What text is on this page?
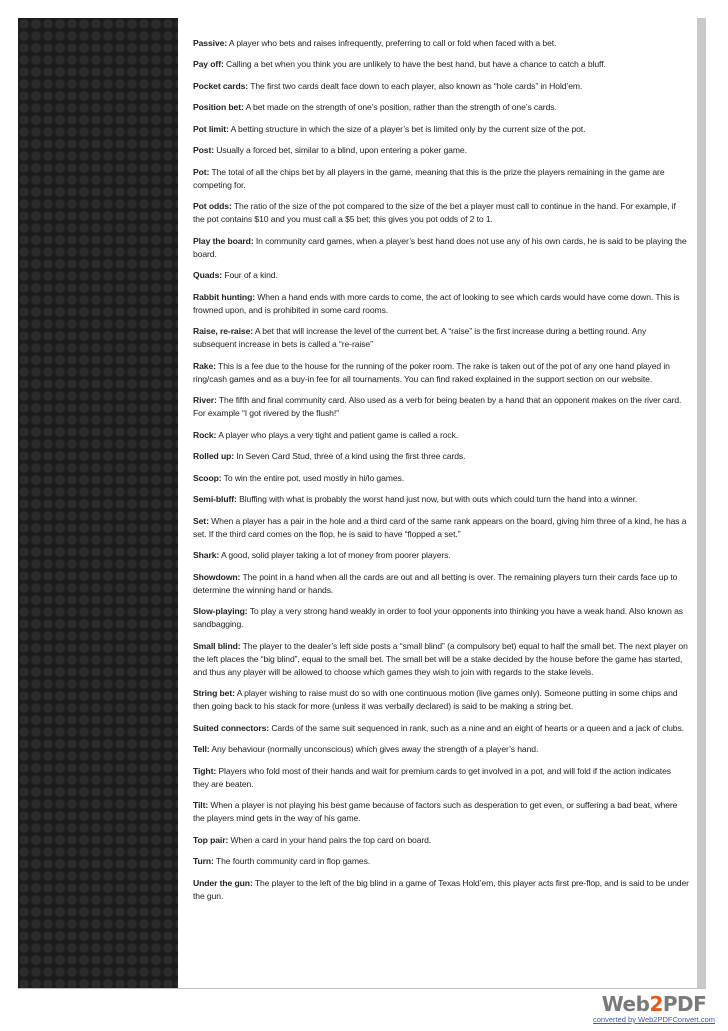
Passive: A player who bets and raises infrequently, preferring to call or fold when faced with a bet.

Pay off: Calling a bet when you think you are unlikely to have the best hand, but have a chance to catch a bluff.

Pocket cards: The first two cards dealt face down to each player, also known as “hole cards” in Hold’em.

Position bet: A bet made on the strength of one’s position, rather than the strength of one’s cards.

Pot limit: A betting structure in which the size of a player’s bet is limited only by the current size of the pot.

Post: Usually a forced bet, similar to a blind, upon entering a poker game.

Pot: The total of all the chips bet by all players in the game, meaning that this is the prize the players remaining in the game are competing for.

Pot odds: The ratio of the size of the pot compared to the size of the bet a player must call to continue in the hand. For example, if the pot contains $10 and you must call a $5 bet; this gives you pot odds of 2 to 1.

Play the board: In community card games, when a player’s best hand does not use any of his own cards, he is said to be playing the board.

Quads: Four of a kind.

Rabbit hunting: When a hand ends with more cards to come, the act of looking to see which cards would have come down. This is frowned upon, and is prohibited in some card rooms.

Raise, re-raise: A bet that will increase the level of the current bet. A “raise” is the first increase during a betting round. Any subsequent increase in bets is called a “re-raise”

Rake: This is a fee due to the house for the running of the poker room. The rake is taken out of the pot of any one hand played in ring/cash games and as a buy-in fee for all tournaments. You can find raked explained in the support section on our website.

River: The fifth and final community card. Also used as a verb for being beaten by a hand that an opponent makes on the river card. For example “I got rivered by the flush!”

Rock: A player who plays a very tight and patient game is called a rock.

Rolled up: In Seven Card Stud, three of a kind using the first three cards.

Scoop: To win the entire pot, used mostly in hi/lo games.

Semi-bluff: Bluffing with what is probably the worst hand just now, but with outs which could turn the hand into a winner.

Set: When a player has a pair in the hole and a third card of the same rank appears on the board, giving him three of a kind, he has a set. If the third card comes on the flop, he is said to have “flopped a set.”

Shark: A good, solid player taking a lot of money from poorer players.

Showdown: The point in a hand when all the cards are out and all betting is over. The remaining players turn their cards face up to determine the winning hand or hands.

Slow-playing: To play a very strong hand weakly in order to fool your opponents into thinking you have a weak hand. Also known as sandbagging.

Small blind: The player to the dealer’s left side posts a “small blind” (a compulsory bet) equal to half the small bet. The next player on the left places the “big blind”, equal to the small bet. The small bet will be a stake decided by the house before the game has started, and thus any player will be allowed to choose which games they wish to join with regards to the stake levels.

String bet: A player wishing to raise must do so with one continuous motion (live games only). Someone putting in some chips and then going back to his stack for more (unless it was verbally declared) is said to be making a string bet.

Suited connectors: Cards of the same suit sequenced in rank, such as a nine and an eight of hearts or a queen and a jack of clubs.

Tell: Any behaviour (normally unconscious) which gives away the strength of a player’s hand.

Tight: Players who fold most of their hands and wait for premium cards to get involved in a pot, and will fold if the action indicates they are beaten.

Tilt: When a player is not playing his best game because of factors such as desperation to get even, or suffering a bad beat, where the players mind gets in the way of his game.

Top pair: When a card in your hand pairs the top card on board.

Turn: The fourth community card in flop games.

Under the gun: The player to the left of the big blind in a game of Texas Hold’em, this player acts first pre-flop, and is said to be under the gun.

Web2PDF
converted by Web2PDFConvert.com
